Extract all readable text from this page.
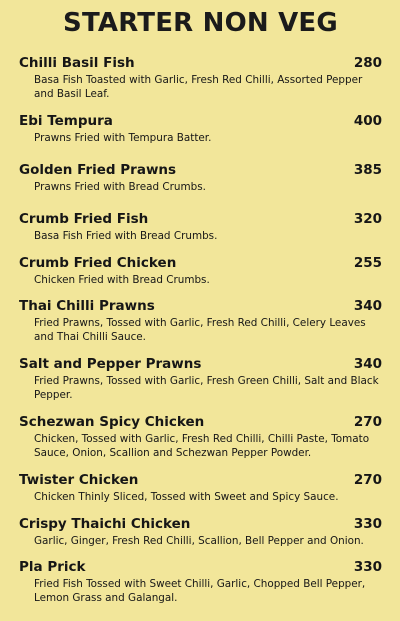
STARTER NON VEG
Chilli Basil Fish	280
Basa Fish Toasted with Garlic, Fresh Red Chilli, Assorted Pepper and Basil Leaf.
Ebi Tempura	400
Prawns Fried with Tempura Batter.
Golden Fried Prawns	385
Prawns Fried with Bread Crumbs.
Crumb Fried Fish	320
Basa Fish Fried with Bread Crumbs.
Crumb Fried Chicken	255
Chicken Fried with Bread Crumbs.
Thai Chilli Prawns	340
Fried Prawns, Tossed with Garlic, Fresh Red Chilli, Celery Leaves and Thai Chilli Sauce.
Salt and Pepper Prawns	340
Fried Prawns, Tossed with Garlic, Fresh Green Chilli, Salt and Black Pepper.
Schezwan Spicy Chicken	270
Chicken, Tossed with Garlic, Fresh Red Chilli, Chilli Paste, Tomato Sauce, Onion, Scallion and Schezwan Pepper Powder.
Twister Chicken	270
Chicken Thinly Sliced, Tossed with Sweet and Spicy Sauce.
Crispy Thaichi Chicken	330
Garlic, Ginger, Fresh Red Chilli, Scallion, Bell Pepper and Onion.
Pla Prick	330
Fried Fish Tossed with Sweet Chilli, Garlic, Chopped Bell Pepper, Lemon Grass and Galangal.
